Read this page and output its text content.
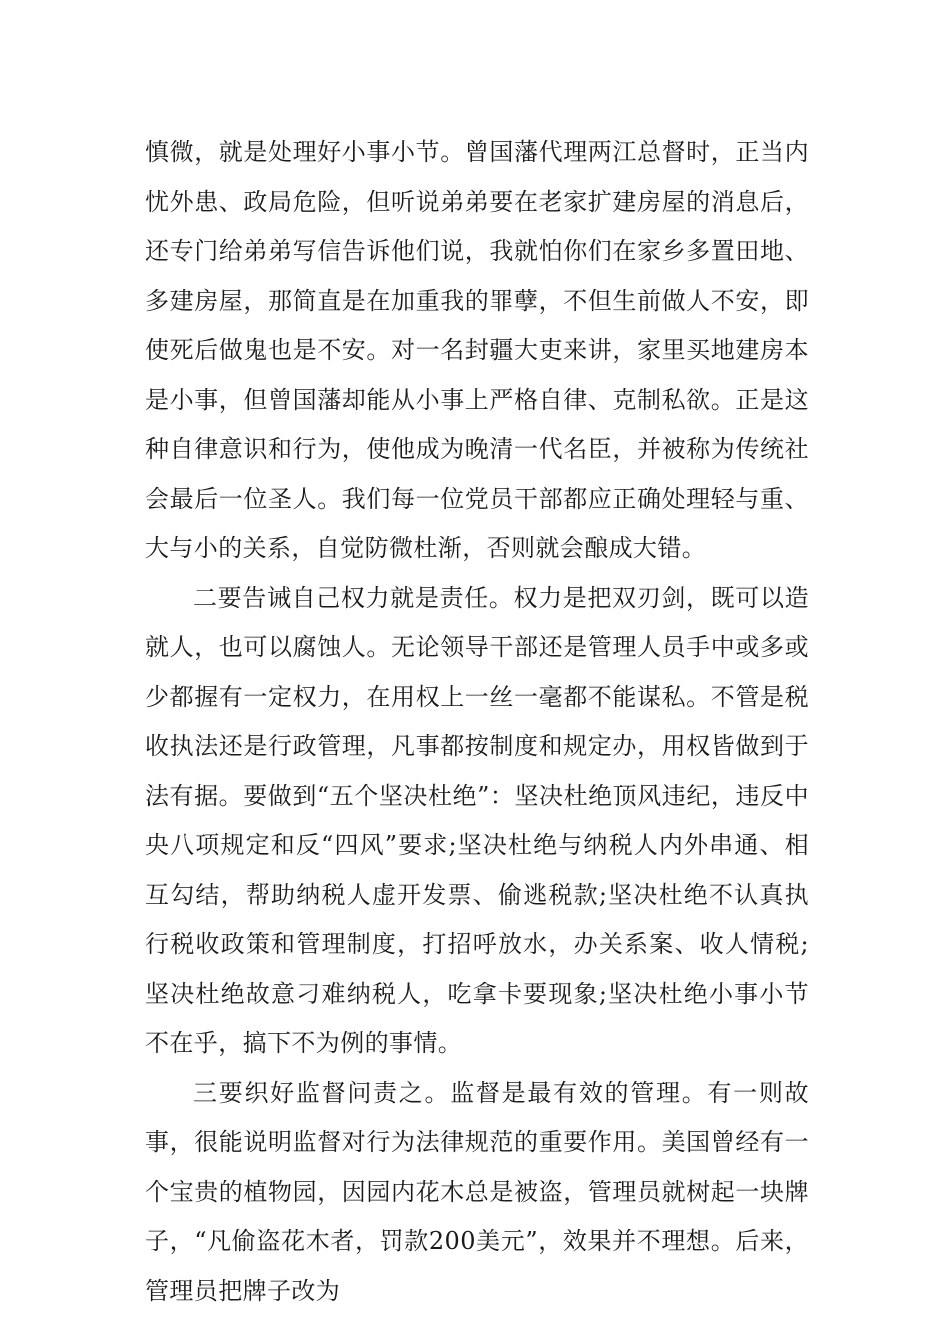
慎微，就是处理好小事小节。曾国藩代理两江总督时，正当内忧外患、政局危险，但听说弟弟要在老家扩建房屋的消息后，还专门给弟弟写信告诉他们说，我就怕你们在家乡多置田地、多建房屋，那简直是在加重我的罪孽，不但生前做人不安，即使死后做鬼也是不安。对一名封疆大吏来讲，家里买地建房本是小事，但曾国藩却能从小事上严格自律、克制私欲。正是这种自律意识和行为，使他成为晚清一代名臣，并被称为传统社会最后一位圣人。我们每一位党员干部都应正确处理轻与重、大与小的关系，自觉防微杜渐，否则就会酿成大错。

二要告诫自己权力就是责任。权力是把双刃剑，既可以造就人，也可以腐蚀人。无论领导干部还是管理人员手中或多或少都握有一定权力，在用权上一丝一毫都不能谋私。不管是税收执法还是行政管理，凡事都按制度和规定办，用权皆做到于法有据。要做到“五个坚决杜绝”：坚决杜绝顶风违纪，违反中央八项规定和反“四风”要求;坚决杜绝与纳税人内外串通、相互勾结，帮助纳税人虚开发票、偷逃税款;坚决杜绝不认真执行税收政策和管理制度，打招呼放水，办关系案、收人情税;坚决杜绝故意刁难纳税人，吃拿卡要现象;坚决杜绝小事小节不在乎，搞下不为例的事情。

三要织好监督问责之。监督是最有效的管理。有一则故事，很能说明监督对行为法律规范的重要作用。美国曾经有一个宝贵的植物园，因园内花木总是被盗，管理员就树起一块牌子，“凡偷盗花木者，罚款200美元”，效果并不理想。后来，管理员把牌子改为
